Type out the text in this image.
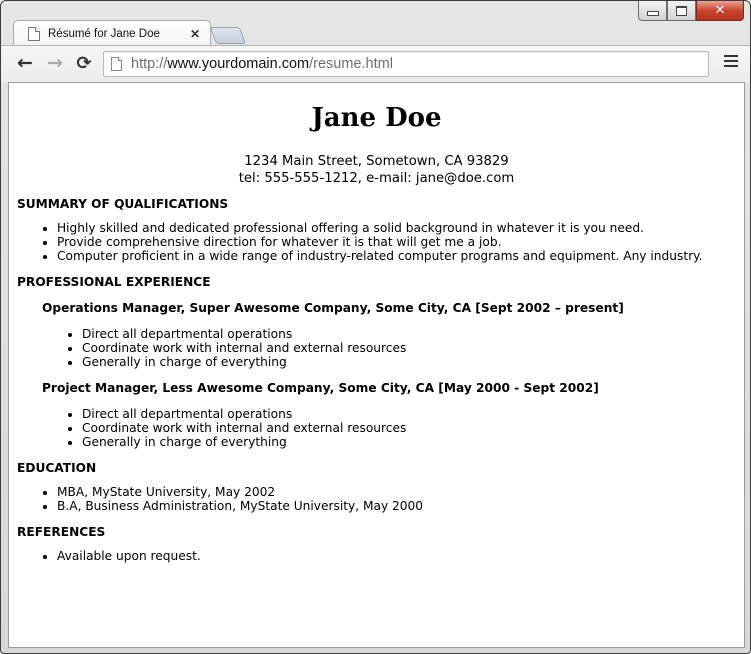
Résumé for Jane Doe	✕
✕
← → ⟳	http://www.yourdomain.com/resume.html
Jane Doe
1234 Main Street, Sometown, CA 93829
tel: 555-555-1212, e-mail: jane@doe.com
SUMMARY OF QUALIFICATIONS
• Highly skilled and dedicated professional offering a solid background in whatever it is you need.
• Provide comprehensive direction for whatever it is that will get me a job.
• Computer proficient in a wide range of industry-related computer programs and equipment. Any industry.
PROFESSIONAL EXPERIENCE
Operations Manager, Super Awesome Company, Some City, CA [Sept 2002 – present]
• Direct all departmental operations
• Coordinate work with internal and external resources
• Generally in charge of everything
Project Manager, Less Awesome Company, Some City, CA [May 2000 - Sept 2002]
• Direct all departmental operations
• Coordinate work with internal and external resources
• Generally in charge of everything
EDUCATION
• MBA, MyState University, May 2002
• B.A, Business Administration, MyState University, May 2000
REFERENCES
• Available upon request.
